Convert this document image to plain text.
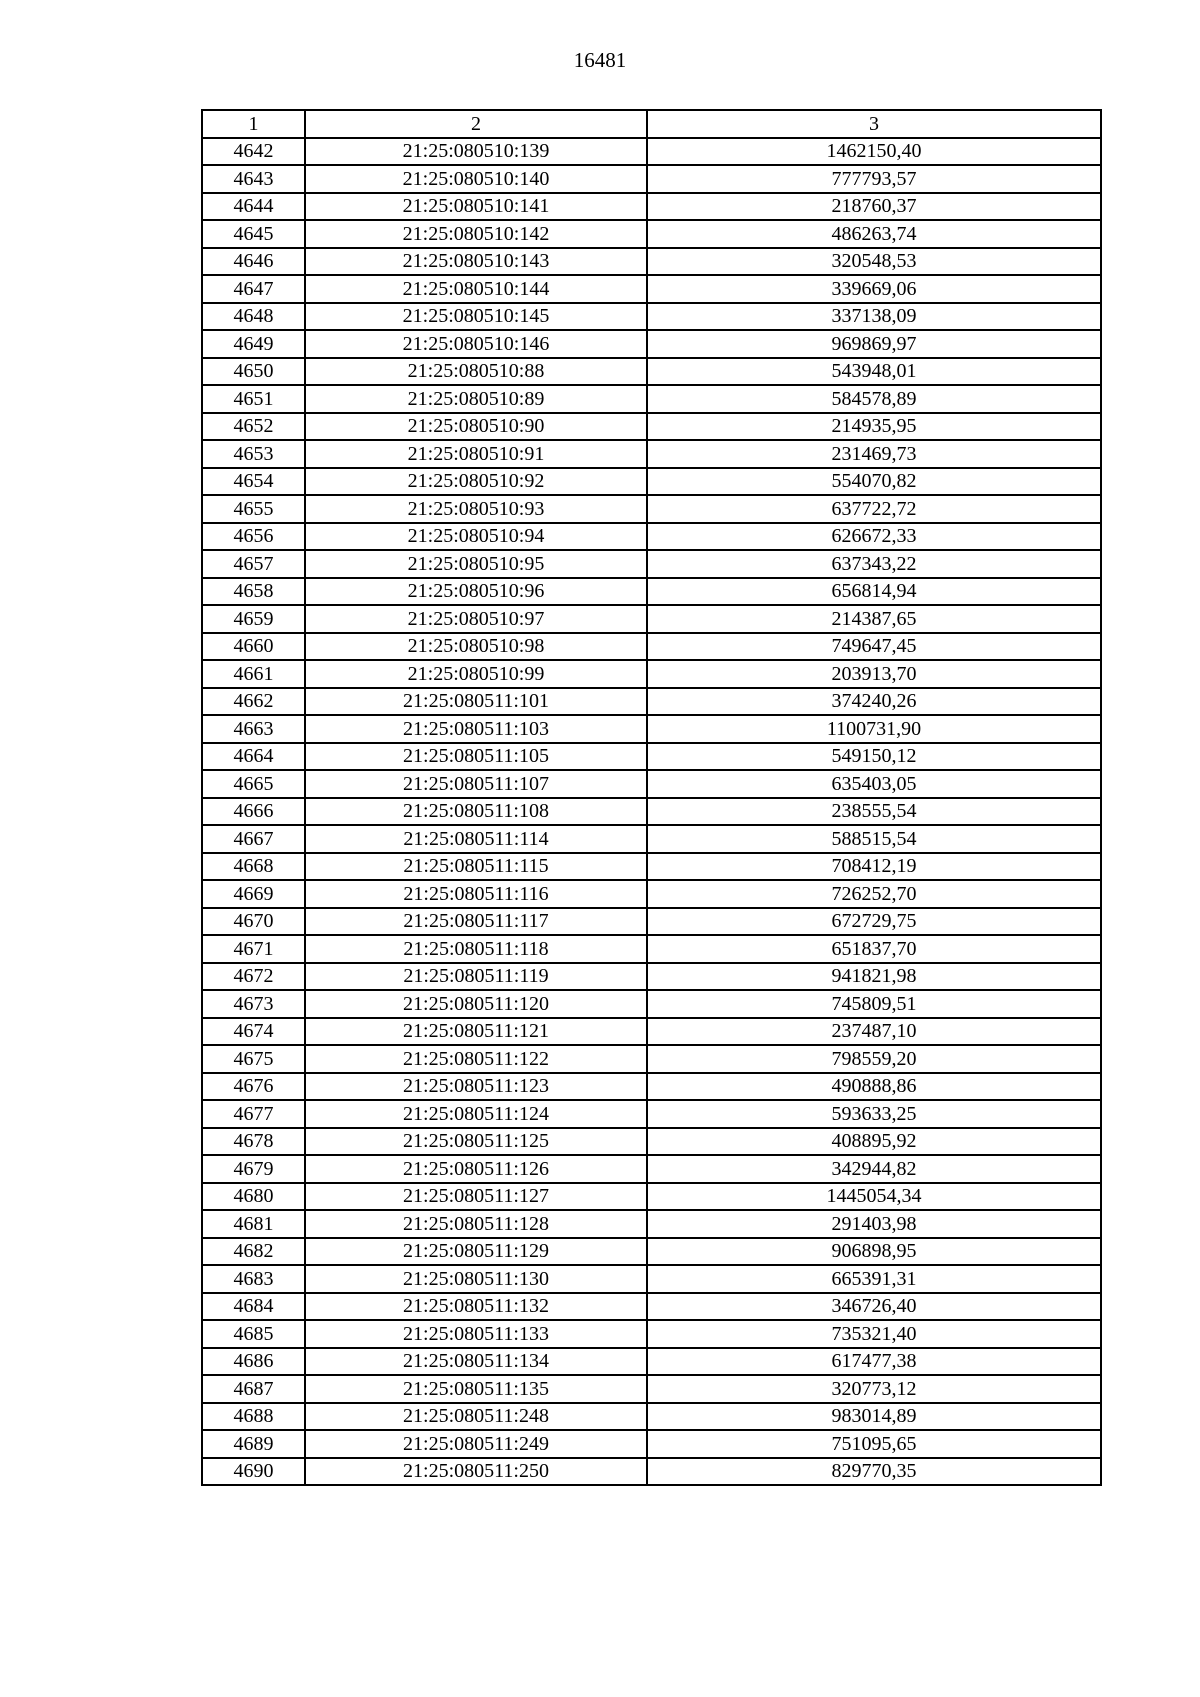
16481
1	2	3
4642	21:25:080510:139	1462150,40
4643	21:25:080510:140	777793,57
4644	21:25:080510:141	218760,37
4645	21:25:080510:142	486263,74
4646	21:25:080510:143	320548,53
4647	21:25:080510:144	339669,06
4648	21:25:080510:145	337138,09
4649	21:25:080510:146	969869,97
4650	21:25:080510:88	543948,01
4651	21:25:080510:89	584578,89
4652	21:25:080510:90	214935,95
4653	21:25:080510:91	231469,73
4654	21:25:080510:92	554070,82
4655	21:25:080510:93	637722,72
4656	21:25:080510:94	626672,33
4657	21:25:080510:95	637343,22
4658	21:25:080510:96	656814,94
4659	21:25:080510:97	214387,65
4660	21:25:080510:98	749647,45
4661	21:25:080510:99	203913,70
4662	21:25:080511:101	374240,26
4663	21:25:080511:103	1100731,90
4664	21:25:080511:105	549150,12
4665	21:25:080511:107	635403,05
4666	21:25:080511:108	238555,54
4667	21:25:080511:114	588515,54
4668	21:25:080511:115	708412,19
4669	21:25:080511:116	726252,70
4670	21:25:080511:117	672729,75
4671	21:25:080511:118	651837,70
4672	21:25:080511:119	941821,98
4673	21:25:080511:120	745809,51
4674	21:25:080511:121	237487,10
4675	21:25:080511:122	798559,20
4676	21:25:080511:123	490888,86
4677	21:25:080511:124	593633,25
4678	21:25:080511:125	408895,92
4679	21:25:080511:126	342944,82
4680	21:25:080511:127	1445054,34
4681	21:25:080511:128	291403,98
4682	21:25:080511:129	906898,95
4683	21:25:080511:130	665391,31
4684	21:25:080511:132	346726,40
4685	21:25:080511:133	735321,40
4686	21:25:080511:134	617477,38
4687	21:25:080511:135	320773,12
4688	21:25:080511:248	983014,89
4689	21:25:080511:249	751095,65
4690	21:25:080511:250	829770,35
